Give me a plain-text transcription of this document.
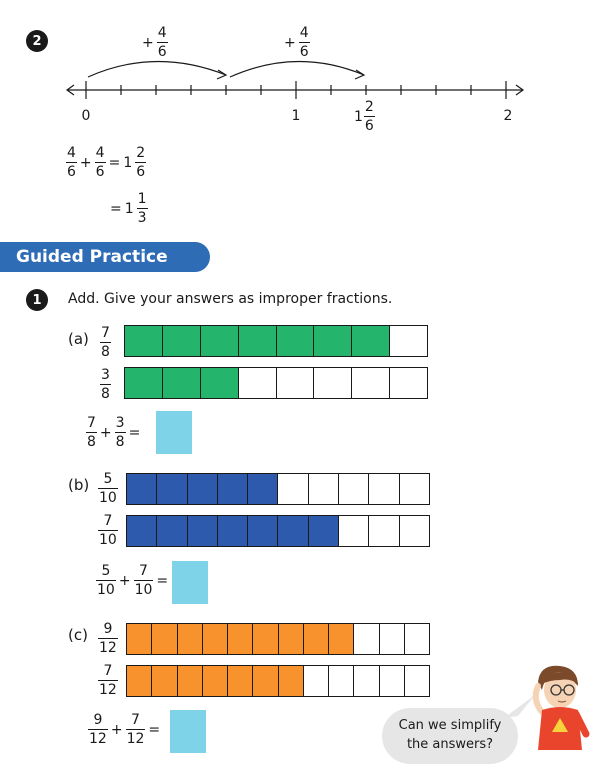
2	+ $\frac{4}{6}$	+ $\frac{4}{6}$
0	1	$1 \frac{2}{6}$	2
$\frac{4}{6} + \frac{4}{6} = 1 \frac{2}{6}$
= $1 \frac{1}{3}$
Guided Practice
1 Add. Give your answers as improper fractions.
$(a) \frac{7}{8}$
$\frac{3}{8}$
$\frac{7}{8} + \frac{3}{8}$ =
$(b) \frac{5}{10}$
$\frac{7}{10}$
$\frac{5}{10} + \frac{7}{10}$ =
$(c) \frac{9}{12}$
$\frac{7}{12}$
$\frac{9}{12} + \frac{7}{12}$ =	Can we simplify
the answers?
